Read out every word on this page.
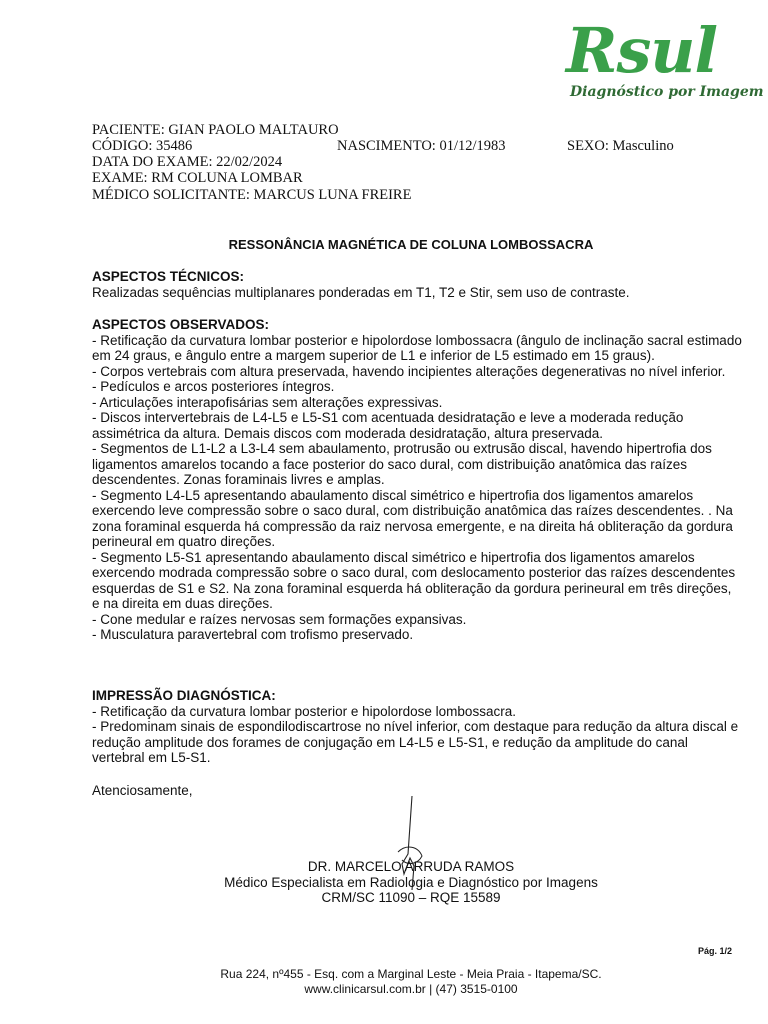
Rsul
Diagnóstico por Imagem
PACIENTE: GIAN PAOLO MALTAURO
CÓDIGO: 35486	NASCIMENTO: 01/12/1983	SEXO: Masculino
DATA DO EXAME: 22/02/2024
EXAME: RM COLUNA LOMBAR
MÉDICO SOLICITANTE: MARCUS LUNA FREIRE
RESSONÂNCIA MAGNÉTICA DE COLUNA LOMBOSSACRA

ASPECTOS TÉCNICOS:

Realizadas sequências multiplanares ponderadas em T1, T2 e Stir, sem uso de contraste.

ASPECTOS OBSERVADOS:

- Retificação da curvatura lombar posterior e hipolordose lombossacra (ângulo de inclinação sacral estimado em 24 graus, e ângulo entre a margem superior de L1 e inferior de L5 estimado em 15 graus).

- Corpos vertebrais com altura preservada, havendo incipientes alterações degenerativas no nível inferior.

- Pedículos e arcos posteriores íntegros.

- Articulações interapofisárias sem alterações expressivas.

- Discos intervertebrais de L4-L5 e L5-S1 com acentuada desidratação e leve a moderada redução assimétrica da altura. Demais discos com moderada desidratação, altura preservada.

- Segmentos de L1-L2 a L3-L4 sem abaulamento, protrusão ou extrusão discal, havendo hipertrofia dos ligamentos amarelos tocando a face posterior do saco dural, com distribuição anatômica das raízes descendentes. Zonas foraminais livres e amplas.

- Segmento L4-L5 apresentando abaulamento discal simétrico e hipertrofia dos ligamentos amarelos exercendo leve compressão sobre o saco dural, com distribuição anatômica das raízes descendentes. . Na zona foraminal esquerda há compressão da raiz nervosa emergente, e na direita há obliteração da gordura perineural em quatro direções.

- Segmento L5-S1 apresentando abaulamento discal simétrico e hipertrofia dos ligamentos amarelos exercendo modrada compressão sobre o saco dural, com deslocamento posterior das raízes descendentes esquerdas de S1 e S2. Na zona foraminal esquerda há obliteração da gordura perineural em três direções, e na direita em duas direções.

- Cone medular e raízes nervosas sem formações expansivas.

- Musculatura paravertebral com trofismo preservado.

IMPRESSÃO DIAGNÓSTICA:

- Retificação da curvatura lombar posterior e hipolordose lombossacra.

- Predominam sinais de espondilodiscartrose no nível inferior, com destaque para redução da altura discal e redução amplitude dos forames de conjugação em L4-L5 e L5-S1, e redução da amplitude do canal vertebral em L5-S1.

Atenciosamente,
DR. MARCELO ARRUDA RAMOS
Médico Especialista em Radiologia e Diagnóstico por Imagens
CRM/SC 11090 – RQE 15589
Pág. 1/2
Rua 224, nº455 - Esq. com a Marginal Leste - Meia Praia - Itapema/SC.
www.clinicarsul.com.br | (47) 3515-0100
